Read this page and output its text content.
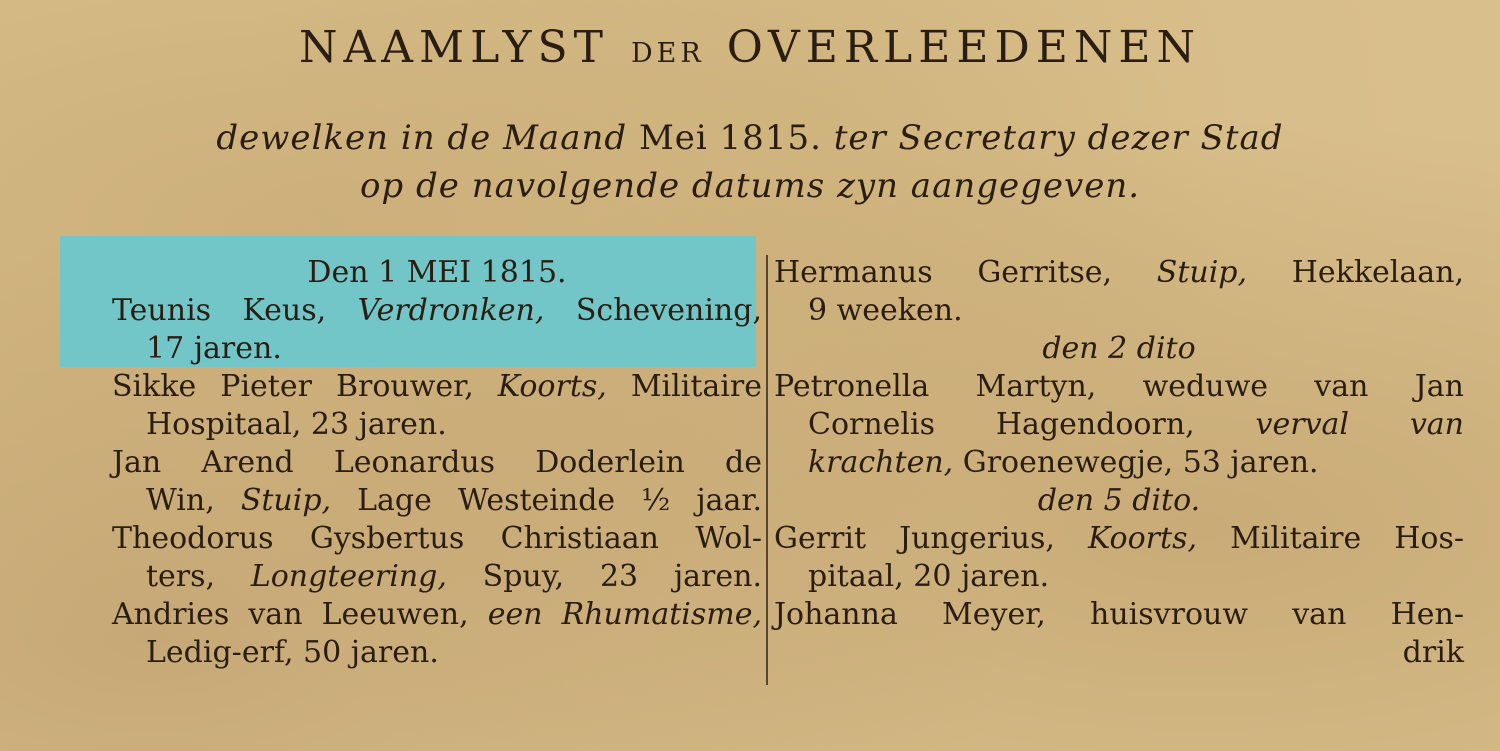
NAAMLYST DER OVERLEEDENEN
dewelken in de Maand Mei 1815. ter Secretary dezer Stad
op de navolgende datums zyn aangegeven.
Den 1 MEI 1815.
Teunis Keus, Verdronken, Schevening,
17 jaren.
Sikke Pieter Brouwer, Koorts, Militaire
Hospitaal, 23 jaren.
Jan Arend Leonardus Doderlein de
Win, Stuip, Lage Westeinde ½ jaar.
Theodorus Gysbertus Christiaan Wol-
ters, Longteering, Spuy, 23 jaren.
Andries van Leeuwen, een Rhumatisme,
Ledig-erf, 50 jaren.
Hermanus Gerritse, Stuip, Hekkelaan,
9 weeken.
den 2 dito
Petronella Martyn, weduwe van Jan
Cornelis Hagendoorn, verval van
krachten, Groenewegje, 53 jaren.
den 5 dito.
Gerrit Jungerius, Koorts, Militaire Hos-
pitaal, 20 jaren.
Johanna Meyer, huisvrouw van Hen-
drik
